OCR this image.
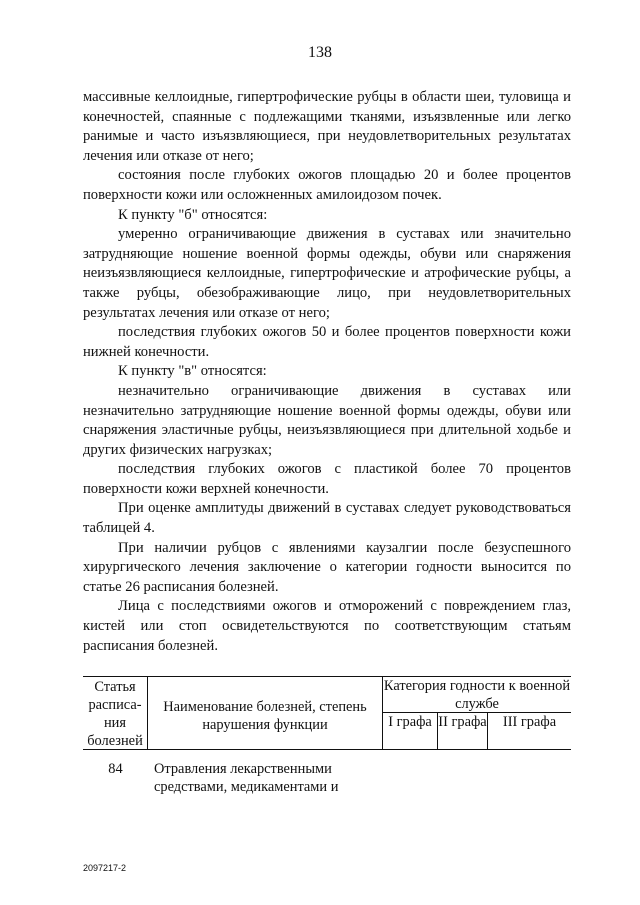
138

массивные келлоидные, гипертрофические рубцы в области шеи, туловища и конечностей, спаянные с подлежащими тканями, изъязвленные или легко ранимые и часто изъязвляющиеся, при неудовлетворительных результатах лечения или отказе от него;

состояния после глубоких ожогов площадью 20 и более процентов поверхности кожи или осложненных амилоидозом почек.

К пункту "б" относятся:

умеренно ограничивающие движения в суставах или значительно затрудняющие ношение военной формы одежды, обуви или снаряжения неизъязвляющиеся келлоидные, гипертрофические и атрофические рубцы, а также рубцы, обезображивающие лицо, при неудовлетворительных результатах лечения или отказе от него;

последствия глубоких ожогов 50 и более процентов поверхности кожи нижней конечности.

К пункту "в" относятся:

незначительно ограничивающие движения в суставах или незначительно затрудняющие ношение военной формы одежды, обуви или снаряжения эластичные рубцы, неизъязвляющиеся при длительной ходьбе и других физических нагрузках;

последствия глубоких ожогов с пластикой более 70 процентов поверхности кожи верхней конечности.

При оценке амплитуды движений в суставах следует руководствоваться таблицей 4.

При наличии рубцов с явлениями каузалгии после безуспешного хирургического лечения заключение о категории годности выносится по статье 26 расписания болезней.

Лица с последствиями ожогов и отморожений с повреждением глаз, кистей или стоп освидетельствуются по соответствующим статьям расписания болезней.

Статья расписа-ния болезней
Наименование болезней, степень нарушения функции
Категория годности к военной службе
I графа II графа	III графа
84	Отравления лекарственными средствами, медикаментами и
2097217-2
